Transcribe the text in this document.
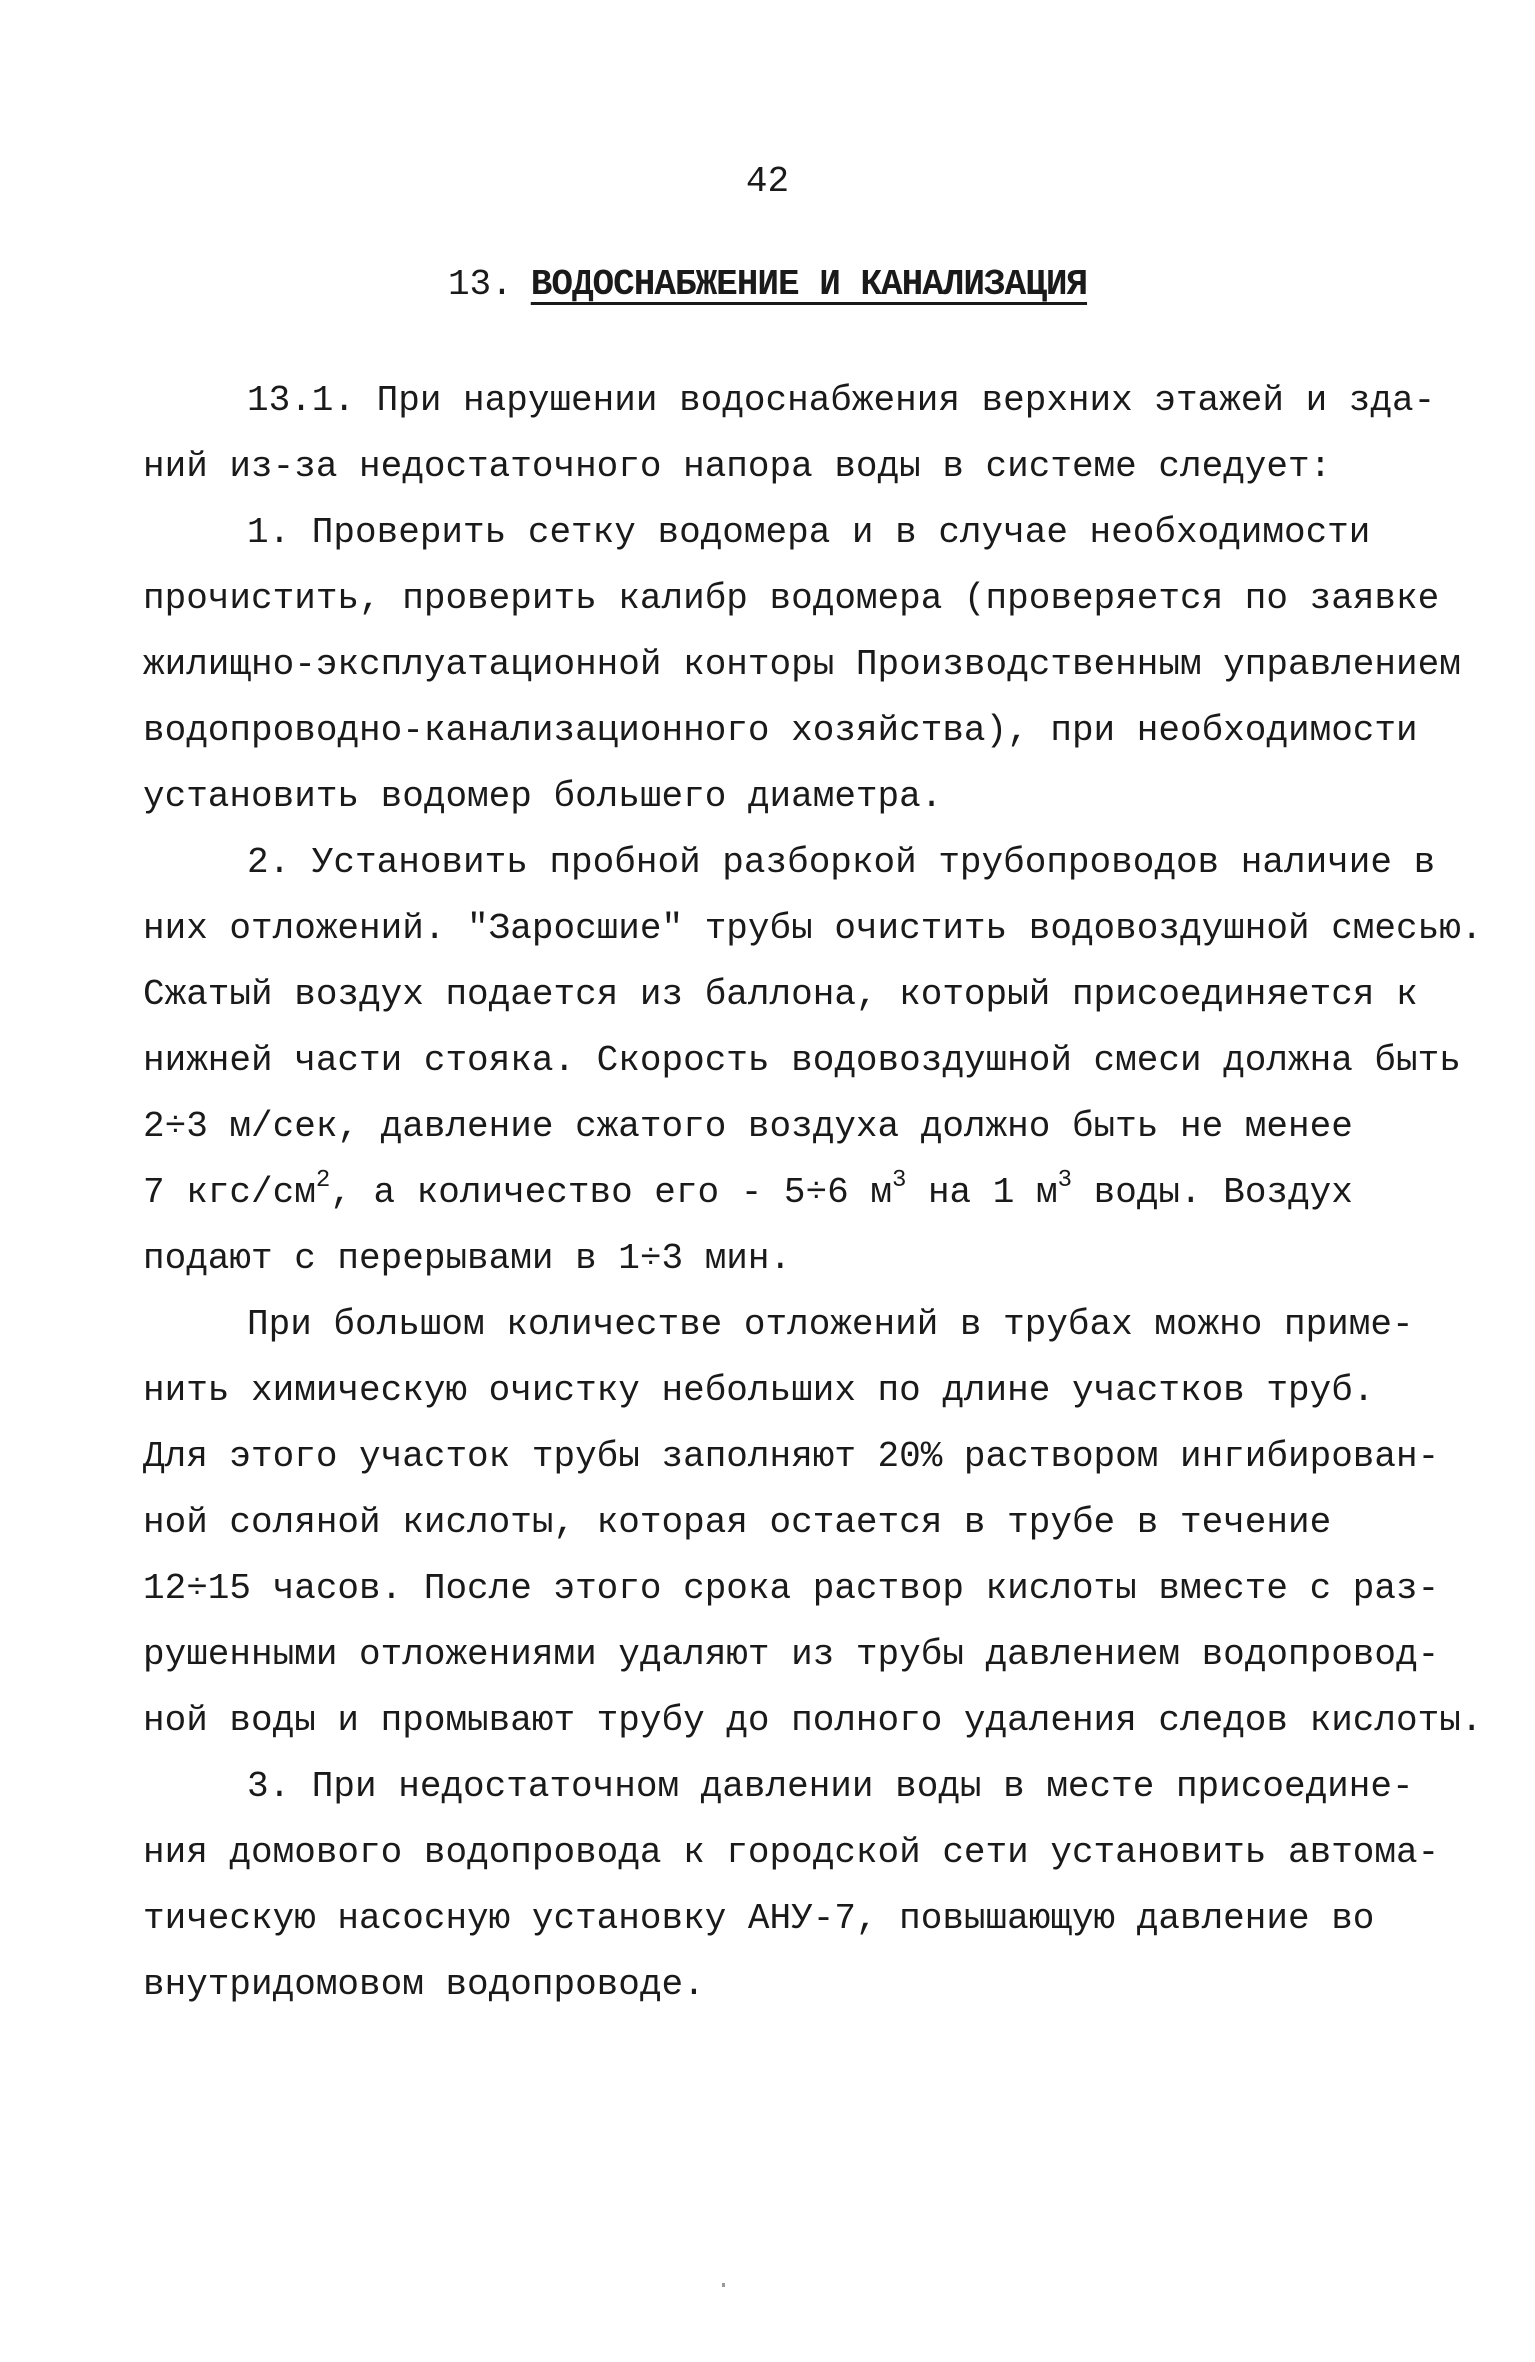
42
13. ВОДОСНАБЖЕНИЕ И КАНАЛИЗАЦИЯ
13.1. При нарушении водоснабжения верхних этажей и зда-
ний из-за недостаточного напора воды в системе следует:
1. Проверить сетку водомера и в случае необходимости
прочистить, проверить калибр водомера (проверяется по заявке
жилищно-эксплуатационной конторы Производственным управлением
водопроводно-канализационного хозяйства), при необходимости
установить водомер большего диаметра.
2. Установить пробной разборкой трубопроводов наличие в
них отложений. "Заросшие" трубы очистить водовоздушной смесью.
Сжатый воздух подается из баллона, который присоединяется к
нижней части стояка. Скорость водовоздушной смеси должна быть
2÷3 м/сек, давление сжатого воздуха должно быть не менее
7 кгс/$см^2$, а количество его - 5÷6 $м^3$ на 1 $м^3$ воды. Воздух
подают с перерывами в 1÷3 мин.
При большом количестве отложений в трубах можно приме-
нить химическую очистку небольших по длине участков труб.
Для этого участок трубы заполняют 20% раствором ингибирован-
ной соляной кислоты, которая остается в трубе в течение
12÷15 часов. После этого срока раствор кислоты вместе с раз-
рушенными отложениями удаляют из трубы давлением водопровод-
ной воды и промывают трубу до полного удаления следов кислоты.
3. При недостаточном давлении воды в месте присоедине-
ния домового водопровода к городской сети установить автома-
тическую насосную установку АНУ-7, повышающую давление во
внутридомовом водопроводе.
